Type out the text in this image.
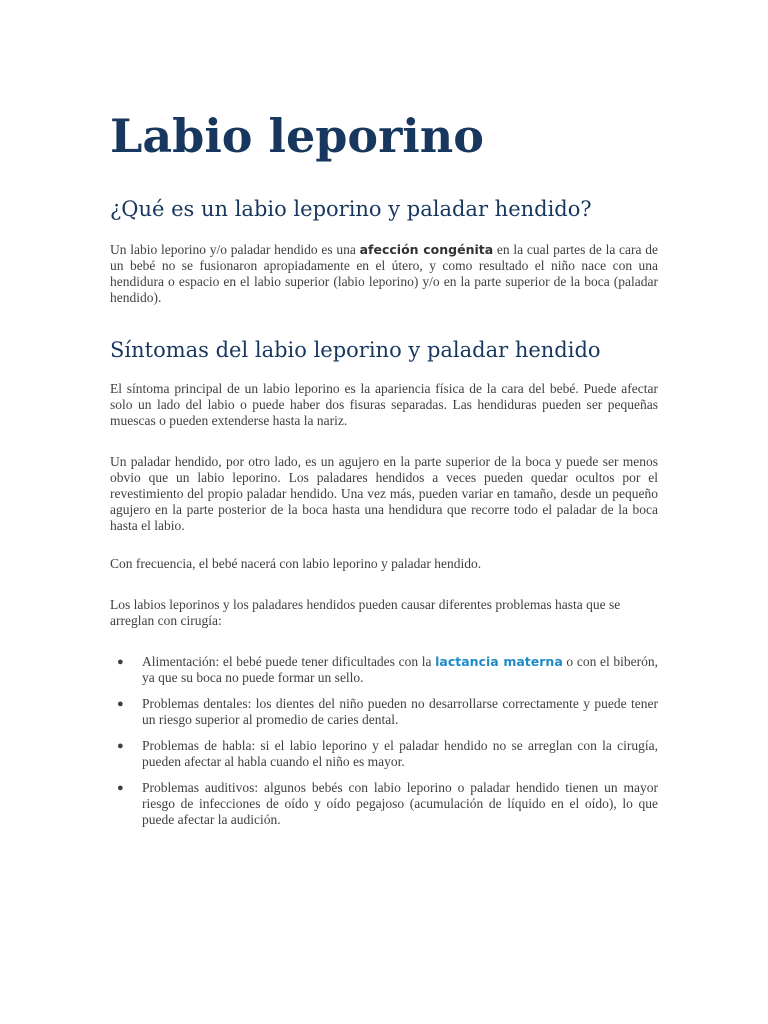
Labio leporino
¿Qué es un labio leporino y paladar hendido?

Un labio leporino y/o paladar hendido es una afección congénita en la cual partes de la cara de un bebé no se fusionaron apropiadamente en el útero, y como resultado el niño nace con una hendidura o espacio en el labio superior (labio leporino) y/o en la parte superior de la boca (paladar hendido).

Síntomas del labio leporino y paladar hendido

El síntoma principal de un labio leporino es la apariencia física de la cara del bebé. Puede afectar solo un lado del labio o puede haber dos fisuras separadas. Las hendiduras pueden ser pequeñas muescas o pueden extenderse hasta la nariz.

Un paladar hendido, por otro lado, es un agujero en la parte superior de la boca y puede ser menos obvio que un labio leporino. Los paladares hendidos a veces pueden quedar ocultos por el revestimiento del propio paladar hendido. Una vez más, pueden variar en tamaño, desde un pequeño agujero en la parte posterior de la boca hasta una hendidura que recorre todo el paladar de la boca hasta el labio.

Con frecuencia, el bebé nacerá con labio leporino y paladar hendido.

Los labios leporinos y los paladares hendidos pueden causar diferentes problemas hasta que se arreglan con cirugía:

● Alimentación: el bebé puede tener dificultades con la lactancia materna o con el biberón, ya que su boca no puede formar un sello.
● Problemas dentales: los dientes del niño pueden no desarrollarse correctamente y puede tener un riesgo superior al promedio de caries dental.
● Problemas de habla: si el labio leporino y el paladar hendido no se arreglan con la cirugía, pueden afectar al habla cuando el niño es mayor.
● Problemas auditivos: algunos bebés con labio leporino o paladar hendido tienen un mayor riesgo de infecciones de oído y oído pegajoso (acumulación de líquido en el oído), lo que puede afectar la audición.
